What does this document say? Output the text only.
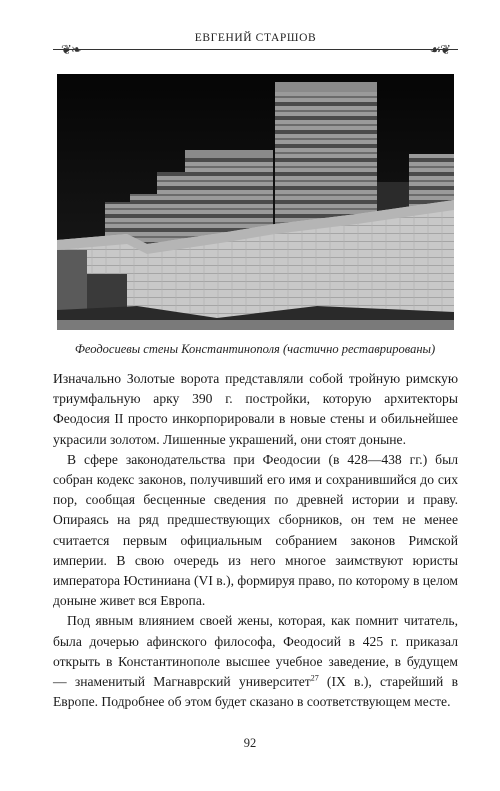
❦❧
ЕВГЕНИЙ СТАРШОВ
☙❦
Феодосиевы стены Константинополя (частично реставрированы)

Изначально Золотые ворота представляли собой тройную римскую триумфальную арку 390 г. постройки, которую архитекторы Феодосия II просто инкорпорировали в новые стены и обильнейшее украсили золотом. Лишенные украшений, они стоят доныне.

В сфере законодательства при Феодосии (в 428—438 гг.) был собран кодекс законов, получивший его имя и сохранившийся до сих пор, сообщая бесценные сведения по древней истории и праву. Опираясь на ряд предшествующих сборников, он тем не менее считается первым официальным собранием законов Римской империи. В свою очередь из него многое заимствуют юристы императора Юстиниана (VI в.), формируя право, по которому в целом доныне живет вся Европа.

Под явным влиянием своей жены, которая, как помнит читатель, была дочерью афинского философа, Феодосий в 425 г. приказал открыть в Константинополе высшее учебное заведение, в будущем — знаменитый Магнаврский университет$^{27}$ (IX в.), старейший в Европе. Подробнее об этом будет сказано в соответствующем месте.

92
